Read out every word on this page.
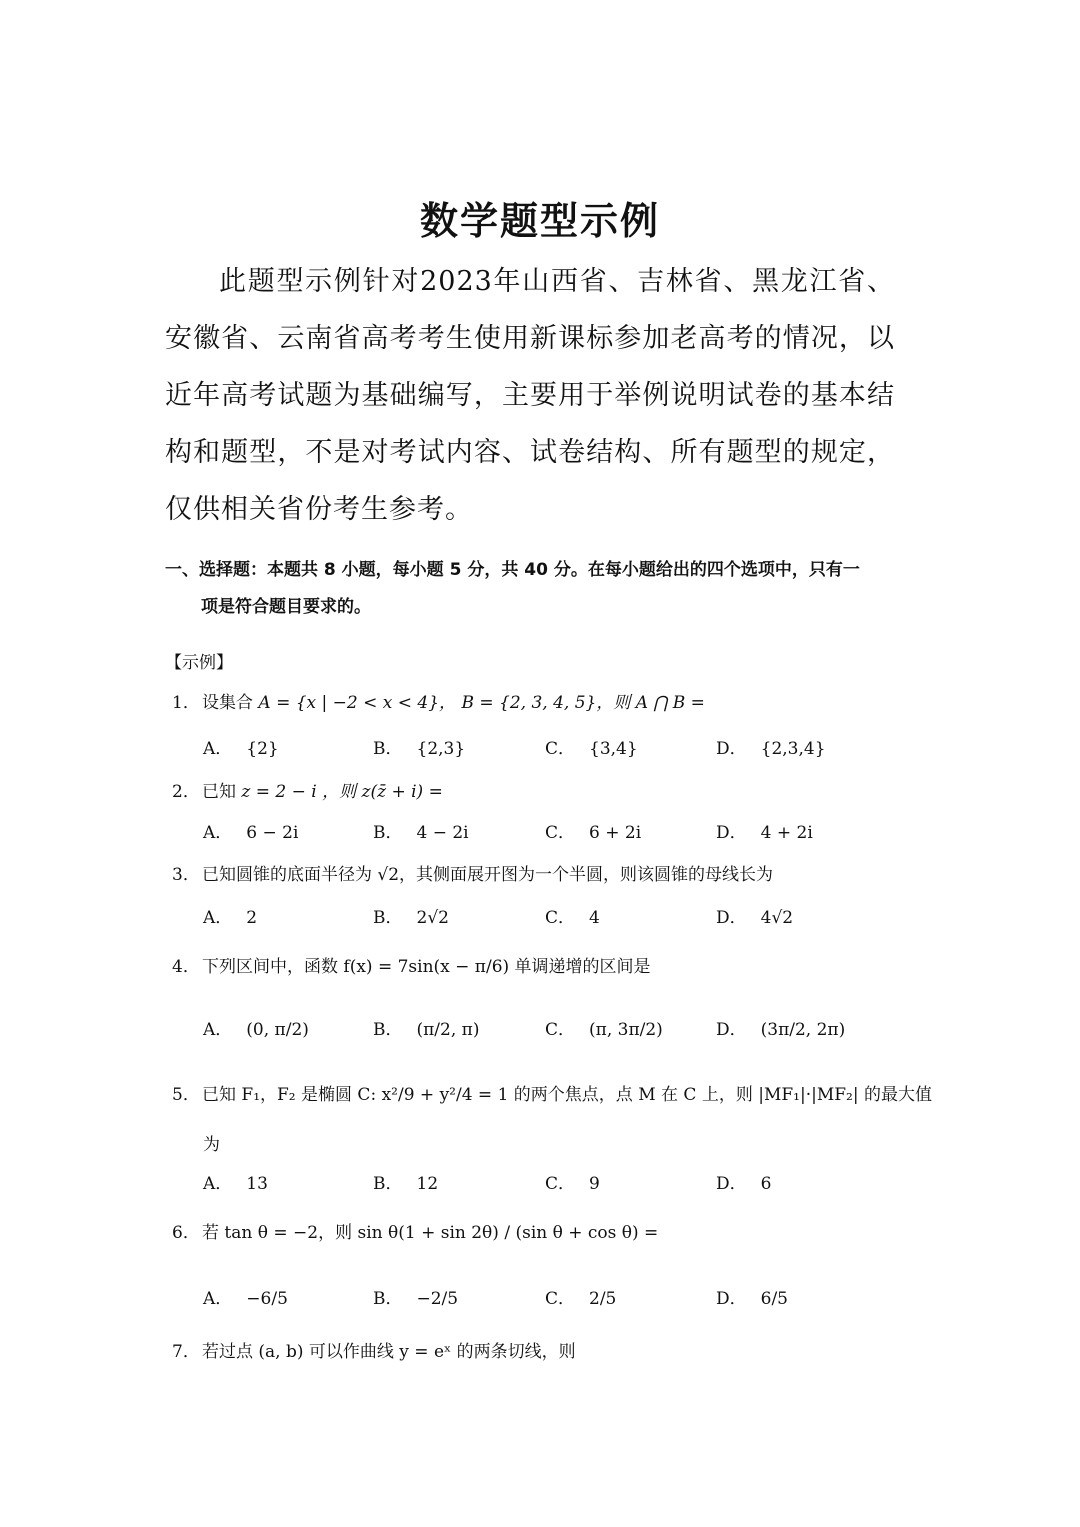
数学题型示例
此题型示例针对2023年山西省、吉林省、黑龙江省、安徽省、云南省高考考生使用新课标参加老高考的情况，以近年高考试题为基础编写，主要用于举例说明试卷的基本结构和题型，不是对考试内容、试卷结构、所有题型的规定，仅供相关省份考生参考。
一、选择题：本题共 8 小题，每小题 5 分，共 40 分。在每小题给出的四个选项中，只有一
项是符合题目要求的。
【示例】
1． 设集合 A = {x | −2 < x < 4}， B = {2, 3, 4, 5}，则 A ⋂ B =
A． {2}	B． {2,3}	C． {3,4}	D． {2,3,4}
2． 已知 z = 2 − i ，则 z(z̄ + i) =
A． 6 − 2i	B． 4 − 2i	C． 6 + 2i	D． 4 + 2i
3． 已知圆锥的底面半径为 √2，其侧面展开图为一个半圆，则该圆锥的母线长为
A． 2	B． 2√2	C． 4	D． 4√2
4． 下列区间中，函数 f(x) = 7sin(x − π/6) 单调递增的区间是
A． (0, π/2)	B． (π/2, π)	C． (π, 3π/2)	D． (3π/2, 2π)
5． 已知 F₁，F₂ 是椭圆 C: x²/9 + y²/4 = 1 的两个焦点，点 M 在 C 上，则 |MF₁|·|MF₂| 的最大值
为
A． 13	B． 12	C． 9	D． 6
6． 若 tan θ = −2，则 sin θ(1 + sin 2θ) / (sin θ + cos θ) =
A． −6/5	B． −2/5	C． 2/5	D． 6/5
7． 若过点 (a, b) 可以作曲线 y = eˣ 的两条切线，则
